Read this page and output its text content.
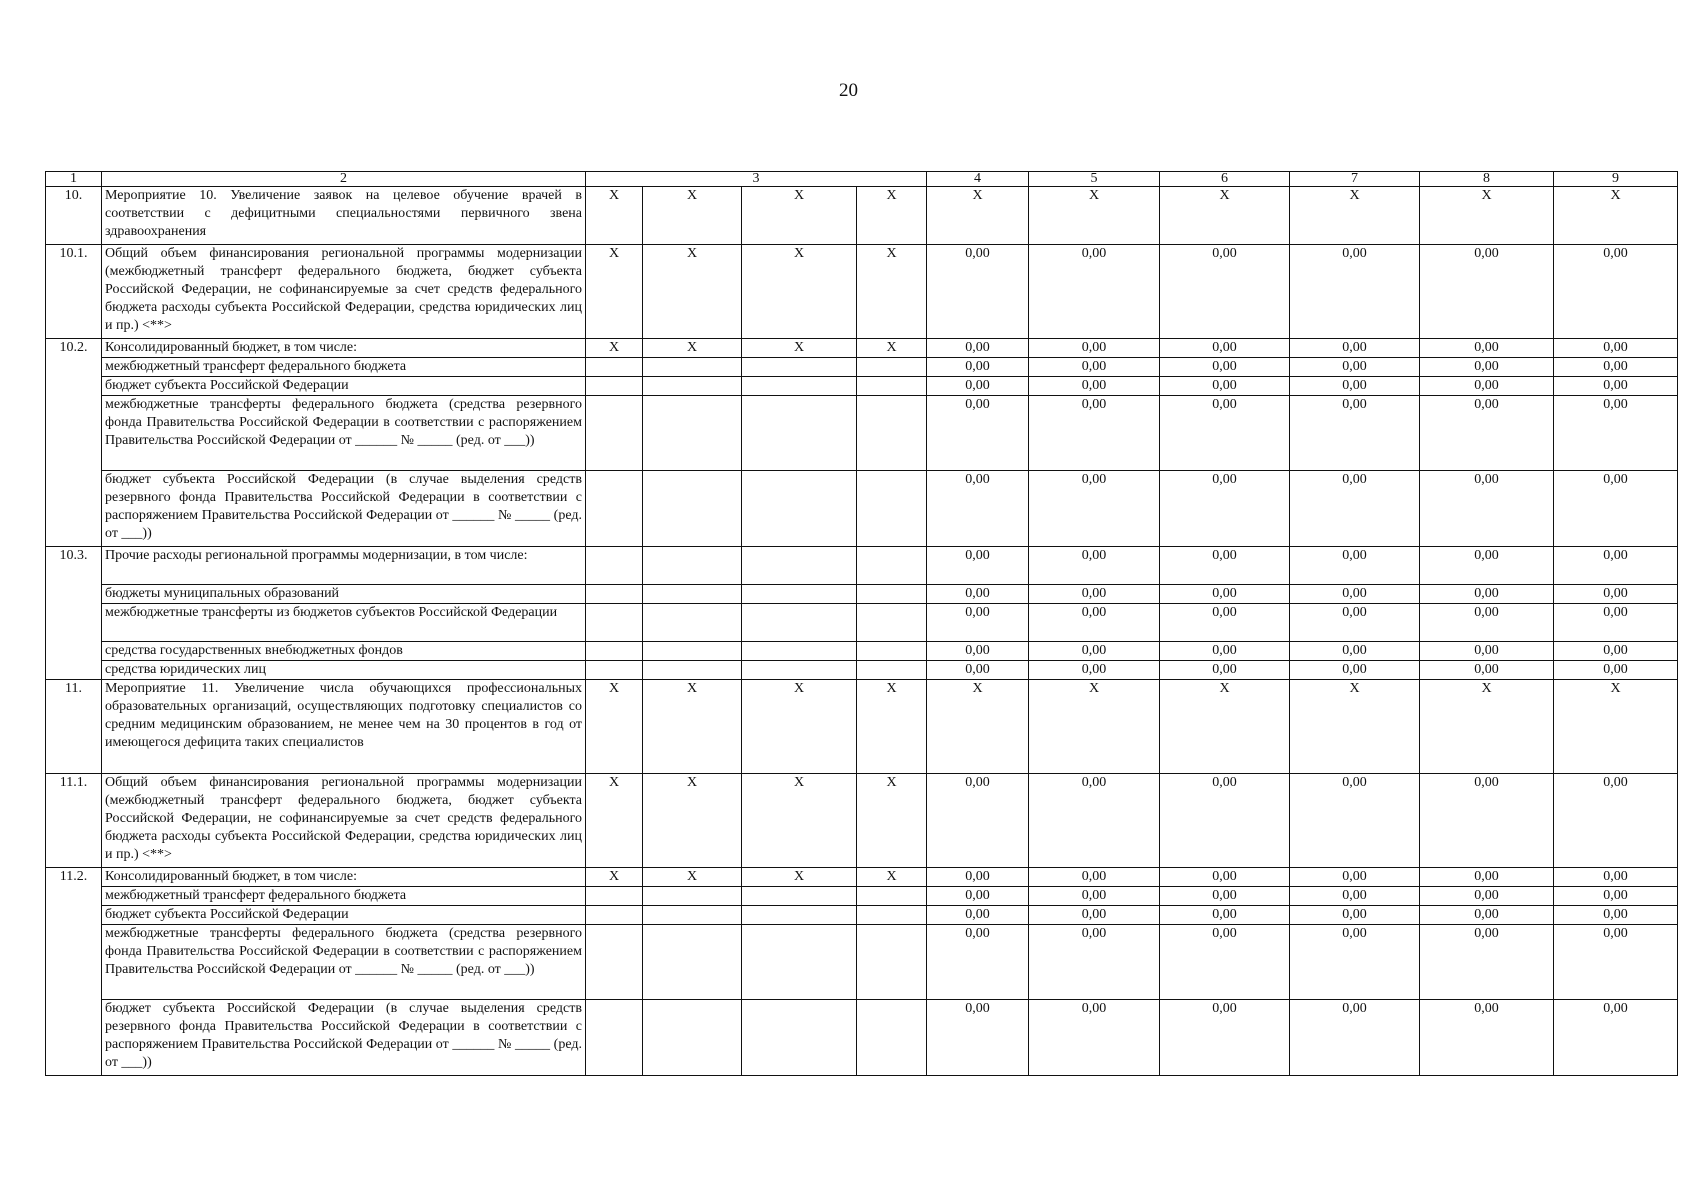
20
1	2	3				4	5	6	7	8	9
10.	Мероприятие 10. Увеличение заявок на целевое обучение врачей в соответствии с дефицитными специальностями первичного звена здравоохранения	X	X	X	X	X	X	X	X	X	X
10.1.	Общий объем финансирования региональной программы модернизации (межбюджетный трансферт федерального бюджета, бюджет субъекта Российской Федерации, не софинансируемые за счет средств федерального бюджета расходы субъекта Российской Федерации, средства юридических лиц и пр.) <**>	X	X	X	X	0,00	0,00	0,00	0,00	0,00	0,00
10.2.	Консолидированный бюджет, в том числе:	X	X	X	X	0,00	0,00	0,00	0,00	0,00	0,00
	межбюджетный трансферт федерального бюджета					0,00	0,00	0,00	0,00	0,00	0,00
	бюджет субъекта Российской Федерации					0,00	0,00	0,00	0,00	0,00	0,00
	межбюджетные трансферты федерального бюджета (средства резервного фонда Правительства Российской Федерации в соответствии с распоряжением Правительства Российской Федерации от ______ № _____ (ред. от ___))					0,00	0,00	0,00	0,00	0,00	0,00
	бюджет субъекта Российской Федерации (в случае выделения средств резервного фонда Правительства Российской Федерации в соответствии с распоряжением Правительства Российской Федерации от ______ № _____ (ред. от ___))					0,00	0,00	0,00	0,00	0,00	0,00
10.3.	Прочие расходы региональной программы модернизации, в том числе:					0,00	0,00	0,00	0,00	0,00	0,00
	бюджеты муниципальных образований					0,00	0,00	0,00	0,00	0,00	0,00
	межбюджетные трансферты из бюджетов субъектов Российской Федерации					0,00	0,00	0,00	0,00	0,00	0,00
	средства государственных внебюджетных фондов					0,00	0,00	0,00	0,00	0,00	0,00
	средства юридических лиц					0,00	0,00	0,00	0,00	0,00	0,00
11.	Мероприятие 11. Увеличение числа обучающихся профессиональных образовательных организаций, осуществляющих подготовку специалистов со средним медицинским образованием, не менее чем на 30 процентов в год от имеющегося дефицита таких специалистов	X	X	X	X	X	X	X	X	X	X
11.1.	Общий объем финансирования региональной программы модернизации (межбюджетный трансферт федерального бюджета, бюджет субъекта Российской Федерации, не софинансируемые за счет средств федерального бюджета расходы субъекта Российской Федерации, средства юридических лиц и пр.) <**>	X	X	X	X	0,00	0,00	0,00	0,00	0,00	0,00
11.2.	Консолидированный бюджет, в том числе:	X	X	X	X	0,00	0,00	0,00	0,00	0,00	0,00
	межбюджетный трансферт федерального бюджета					0,00	0,00	0,00	0,00	0,00	0,00
	бюджет субъекта Российской Федерации					0,00	0,00	0,00	0,00	0,00	0,00
	межбюджетные трансферты федерального бюджета (средства резервного фонда Правительства Российской Федерации в соответствии с распоряжением Правительства Российской Федерации от ______ № _____ (ред. от ___))					0,00	0,00	0,00	0,00	0,00	0,00
	бюджет субъекта Российской Федерации (в случае выделения средств резервного фонда Правительства Российской Федерации в соответствии с распоряжением Правительства Российской Федерации от ______ № _____ (ред. от ___))					0,00	0,00	0,00	0,00	0,00	0,00
